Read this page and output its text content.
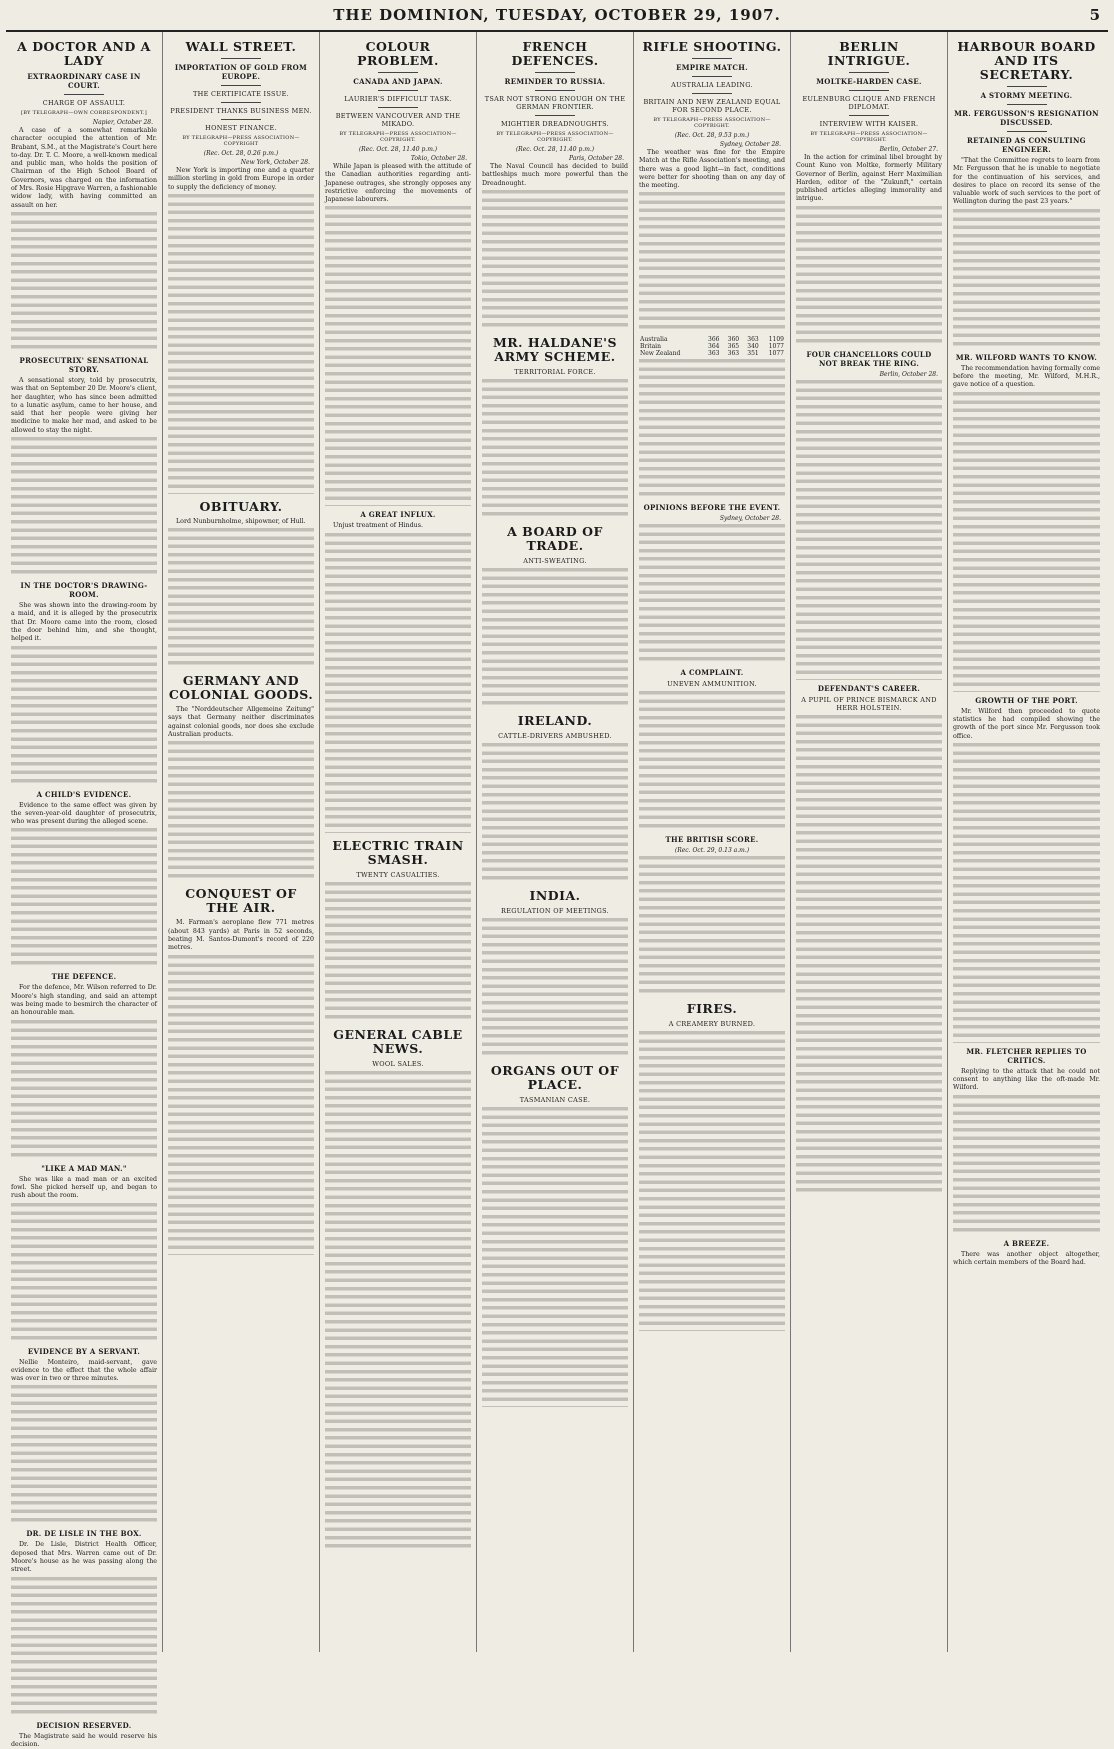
THE DOMINION, TUESDAY, OCTOBER 29, 1907.	5
A DOCTOR AND A LADY
EXTRAORDINARY CASE IN COURT.
CHARGE OF ASSAULT.
[BY TELEGRAPH—OWN CORRESPONDENT.]
Napier, October 28.

A case of a somewhat remarkable character occupied the attention of Mr. Brabant, S.M., at the Magistrate's Court here to-day. Dr. T. C. Moore, a well-known medical and public man, who holds the position of Chairman of the High School Board of Governors, was charged on the information of Mrs. Rosie Hipgrave Warren, a fashionable widow lady, with having committed an assault on her.

PROSECUTRIX' SENSATIONAL STORY.

A sensational story, told by prosecutrix, was that on September 20 Dr. Moore's client, her daughter, who has since been admitted to a lunatic asylum, came to her house, and said that her people were giving her medicine to make her mad, and asked to be allowed to stay the night.

IN THE DOCTOR'S DRAWING-ROOM.

She was shown into the drawing-room by a maid, and it is alleged by the prosecutrix that Dr. Moore came into the room, closed the door behind him, and she thought, helped it.

A CHILD'S EVIDENCE.

Evidence to the same effect was given by the seven-year-old daughter of prosecutrix, who was present during the alleged scene.

THE DEFENCE.

For the defence, Mr. Wilson referred to Dr. Moore's high standing, and said an attempt was being made to besmirch the character of an honourable man.

"LIKE A MAD MAN."

She was like a mad man or an excited fowl. She picked herself up, and began to rush about the room.

EVIDENCE BY A SERVANT.

Nellie Monteiro, maid-servant, gave evidence to the effect that the whole affair was over in two or three minutes.

DR. DE LISLE IN THE BOX.

Dr. De Lisle, District Health Officer, deposed that Mrs. Warren came out of Dr. Moore's house as he was passing along the street.

DECISION RESERVED.

The Magistrate said he would reserve his decision.

WALL STREET.
IMPORTATION OF GOLD FROM EUROPE.
THE CERTIFICATE ISSUE.
PRESIDENT THANKS BUSINESS MEN.
HONEST FINANCE.
BY TELEGRAPH—PRESS ASSOCIATION—COPYRIGHT
(Rec. Oct. 28, 0.26 p.m.)
New York, October 28.

New York is importing one and a quarter million sterling in gold from Europe in order to supply the deficiency of money.

OBITUARY.

Lord Nunburnholme, shipowner, of Hull.

GERMANY AND COLONIAL GOODS.

The "Norddeutscher Allgemeine Zeitung" says that Germany neither discriminates against colonial goods, nor does she exclude Australian products.

CONQUEST OF THE AIR.

M. Farman's aeroplane flew 771 metres (about 843 yards) at Paris in 52 seconds, beating M. Santos-Dumont's record of 220 metres.

COLOUR PROBLEM.
CANADA AND JAPAN.
LAURIER'S DIFFICULT TASK.
BETWEEN VANCOUVER AND THE MIKADO.
BY TELEGRAPH—PRESS ASSOCIATION—COPYRIGHT.
(Rec. Oct. 28, 11.40 p.m.)
Tokio, October 28.

While Japan is pleased with the attitude of the Canadian authorities regarding anti-Japanese outrages, she strongly opposes any restrictive enforcing the movements of Japanese labourers.

A GREAT INFLUX.

Unjust treatment of Hindus.

ELECTRIC TRAIN SMASH.
TWENTY CASUALTIES.
GENERAL CABLE NEWS.
WOOL SALES.
FRENCH DEFENCES.
REMINDER TO RUSSIA.
TSAR NOT STRONG ENOUGH ON THE GERMAN FRONTIER.
MIGHTIER DREADNOUGHTS.
BY TELEGRAPH—PRESS ASSOCIATION—COPYRIGHT.
(Rec. Oct. 28, 11.40 p.m.)
Paris, October 28.

The Naval Council has decided to build battleships much more powerful than the Dreadnought.

MR. HALDANE'S ARMY SCHEME.
TERRITORIAL FORCE.
A BOARD OF TRADE.
ANTI-SWEATING.
IRELAND.
CATTLE-DRIVERS AMBUSHED.
INDIA.
REGULATION OF MEETINGS.
ORGANS OUT OF PLACE.
TASMANIAN CASE.
RIFLE SHOOTING.
EMPIRE MATCH.
AUSTRALIA LEADING.
BRITAIN AND NEW ZEALAND EQUAL FOR SECOND PLACE.
BY TELEGRAPH—PRESS ASSOCIATION—COPYRIGHT.
(Rec. Oct. 28, 9.53 p.m.)
Sydney, October 28.

The weather was fine for the Empire Match at the Rifle Association's meeting, and there was a good light—in fact, conditions were better for shooting than on any day of the meeting.

Australia	366	360	363	1109
Britain	364	365	340	1077
New Zealand	363	363	351	1077
OPINIONS BEFORE THE EVENT.
Sydney, October 28.
A COMPLAINT.
UNEVEN AMMUNITION.
THE BRITISH SCORE.
(Rec. Oct. 29, 0.13 a.m.)
FIRES.
A CREAMERY BURNED.
BERLIN INTRIGUE.
MOLTKE-HARDEN CASE.
EULENBURG CLIQUE AND FRENCH DIPLOMAT.
INTERVIEW WITH KAISER.
BY TELEGRAPH—PRESS ASSOCIATION—COPYRIGHT.
Berlin, October 27.

In the action for criminal libel brought by Count Kuno von Moltke, formerly Military Governor of Berlin, against Herr Maximilian Harden, editor of the "Zukunft," certain published articles alleging immorality and intrigue.

FOUR CHANCELLORS COULD NOT BREAK THE RING.
Berlin, October 28.
DEFENDANT'S CAREER.
A PUPIL OF PRINCE BISMARCK AND HERR HOLSTEIN.
HARBOUR BOARD AND ITS SECRETARY.
A STORMY MEETING.
MR. FERGUSSON'S RESIGNATION DISCUSSED.
RETAINED AS CONSULTING ENGINEER.

"That the Committee regrets to learn from Mr. Fergusson that he is unable to negotiate for the continuation of his services, and desires to place on record its sense of the valuable work of such services to the port of Wellington during the past 23 years."

MR. WILFORD WANTS TO KNOW.

The recommendation having formally come before the meeting, Mr. Wilford, M.H.R., gave notice of a question.

GROWTH OF THE PORT.

Mr. Wilford then proceeded to quote statistics he had compiled showing the growth of the port since Mr. Fergusson took office.

MR. FLETCHER REPLIES TO CRITICS.

Replying to the attack that he could not consent to anything like the oft-made Mr. Wilford.

A BREEZE.

There was another object altogether, which certain members of the Board had.
